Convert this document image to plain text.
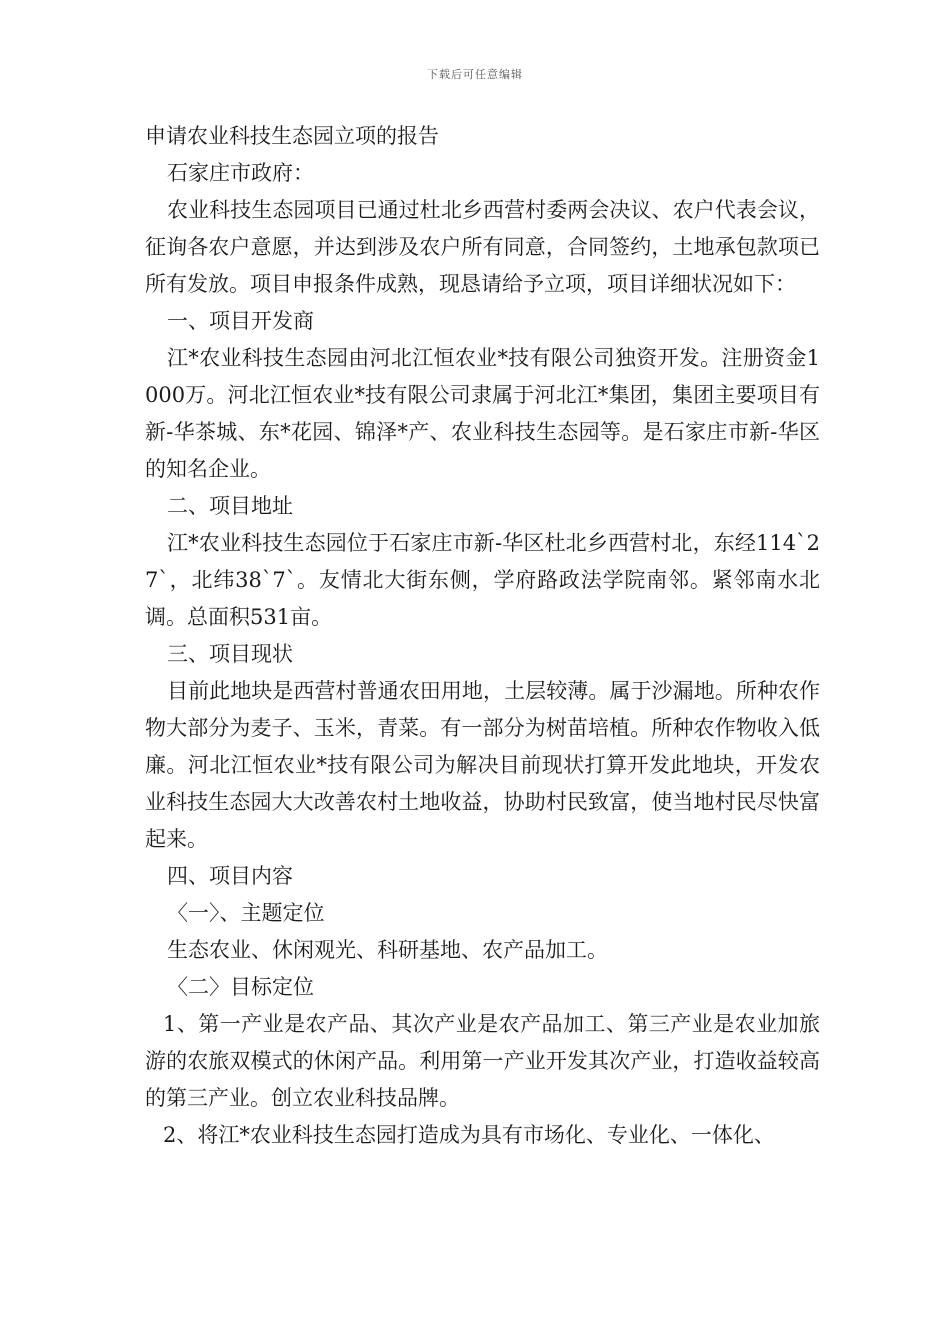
下载后可任意编辑

申请农业科技生态园立项的报告

石家庄市政府：

农业科技生态园项目已通过杜北乡西营村委两会决议、农户代表会议，征询各农户意愿，并达到涉及农户所有同意，合同签约，土地承包款项已所有发放。项目申报条件成熟，现恳请给予立项，项目详细状况如下：

一、项目开发商

江*农业科技生态园由河北江恒农业*技有限公司独资开发。注册资金1000万。河北江恒农业*技有限公司隶属于河北江*集团，集团主要项目有新-华茶城、东*花园、锦泽*产、农业科技生态园等。是石家庄市新-华区的知名企业。

二、项目地址

江*农业科技生态园位于石家庄市新-华区杜北乡西营村北，东经114`27`，北纬38`7`。友情北大街东侧，学府路政法学院南邻。紧邻南水北调。总面积531亩。

三、项目现状

目前此地块是西营村普通农田用地，土层较薄。属于沙漏地。所种农作物大部分为麦子、玉米，青菜。有一部分为树苗培植。所种农作物收入低廉。河北江恒农业*技有限公司为解决目前现状打算开发此地块，开发农业科技生态园大大改善农村土地收益，协助村民致富，使当地村民尽快富起来。

四、项目内容

〈一〉、主题定位

生态农业、休闲观光、科研基地、农产品加工。

〈二〉目标定位

1、第一产业是农产品、其次产业是农产品加工、第三产业是农业加旅游的农旅双模式的休闲产品。利用第一产业开发其次产业，打造收益较高的第三产业。创立农业科技品牌。

2、将江*农业科技生态园打造成为具有市场化、专业化、一体化、
